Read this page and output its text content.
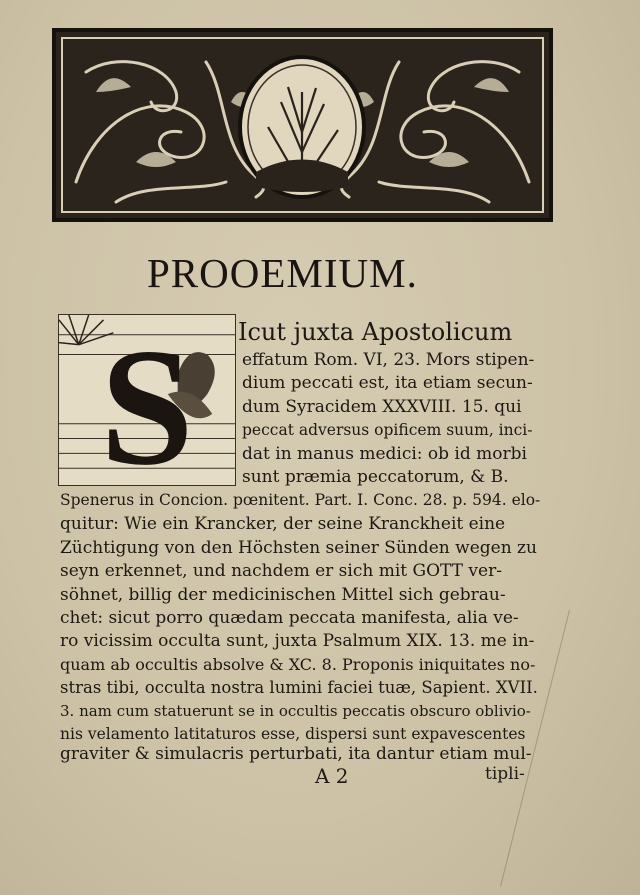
PROOEMIUM.
S Icut juxta Apostolicum
effatum Rom. VI, 23. Mors stipen-
dium peccati est, ita etiam secun-
dum Syracidem XXXVIII. 15. qui
peccat adversus opificem suum, inci-
dat in manus medici: ob id morbi
sunt præmia peccatorum, & B.
Spenerus in Concion. pœnitent. Part. I. Conc. 28. p. 594. elo-
quitur: Wie ein Krancker, der seine Kranckheit eine
Züchtigung von den Höchsten seiner Sünden wegen zu
seyn erkennet, und nachdem er sich mit GOTT ver-
söhnet, billig der medicinischen Mittel sich gebrau-
chet: sicut porro quædam peccata manifesta, alia ve-
ro vicissim occulta sunt, juxta Psalmum XIX. 13. me in-
quam ab occultis absolve & XC. 8. Proponis iniquitates no-
stras tibi, occulta nostra lumini faciei tuæ, Sapient. XVII.
3. nam cum statuerunt se in occultis peccatis obscuro oblivio-
nis velamento latitaturos esse, dispersi sunt expavescentes
graviter & simulacris perturbati, ita dantur etiam mul-
A 2	tipli-
